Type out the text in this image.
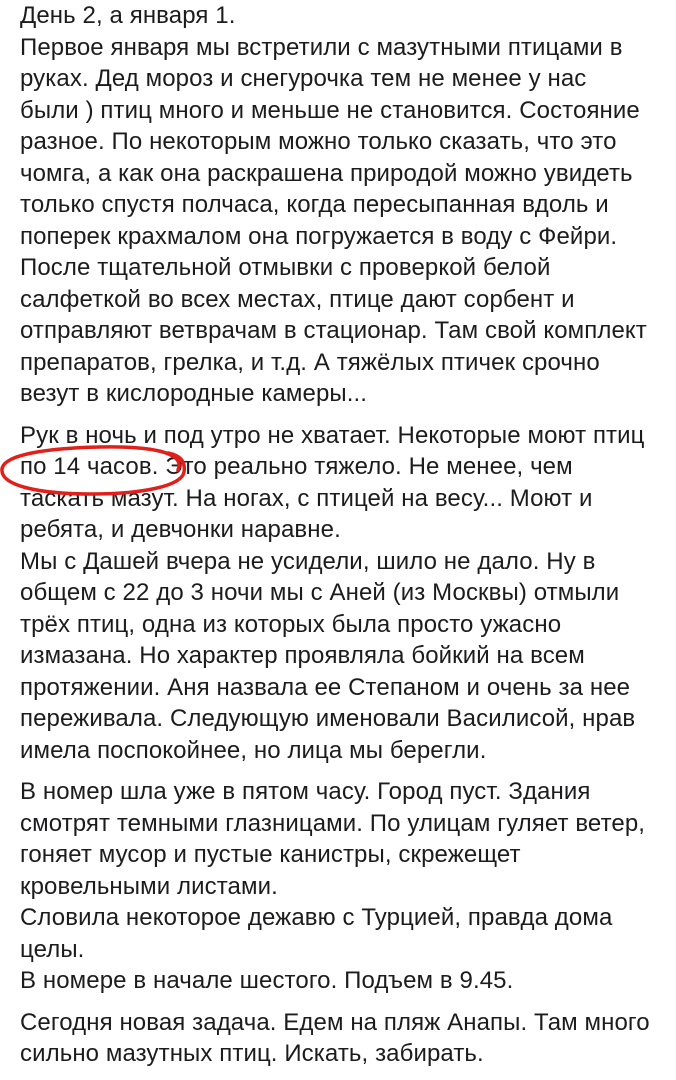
День 2, а января 1.
Первое января мы встретили с мазутными птицами в
руках. Дед мороз и снегурочка тем не менее у нас
были ) птиц много и меньше не становится. Состояние
разное. По некоторым можно только сказать, что это
чомга, а как она раскрашена природой можно увидеть
только спустя полчаса, когда пересыпанная вдоль и
поперек крахмалом она погружается в воду с Фейри.
После тщательной отмывки с проверкой белой
салфеткой во всех местах, птице дают сорбент и
отправляют ветврачам в стационар. Там свой комплект
препаратов, грелка, и т.д. А тяжёлых птичек срочно
везут в кислородные камеры...
Рук в ночь и под утро не хватает. Некоторые моют птиц
по 14 часов. Это реально тяжело. Не менее, чем
таскать мазут. На ногах, с птицей на весу... Моют и
ребята, и девчонки наравне.
Мы с Дашей вчера не усидели, шило не дало. Ну в
общем с 22 до 3 ночи мы с Аней (из Москвы) отмыли
трёх птиц, одна из которых была просто ужасно
измазана. Но характер проявляла бойкий на всем
протяжении. Аня назвала ее Степаном и очень за нее
переживала. Следующую именовали Василисой, нрав
имела поспокойнее, но лица мы берегли.
В номер шла уже в пятом часу. Город пуст. Здания
смотрят темными глазницами. По улицам гуляет ветер,
гоняет мусор и пустые канистры, скрежещет
кровельными листами.
Словила некоторое дежавю с Турцией, правда дома
целы.
В номере в начале шестого. Подъем в 9.45.
Сегодня новая задача. Едем на пляж Анапы. Там много
сильно мазутных птиц. Искать, забирать.
